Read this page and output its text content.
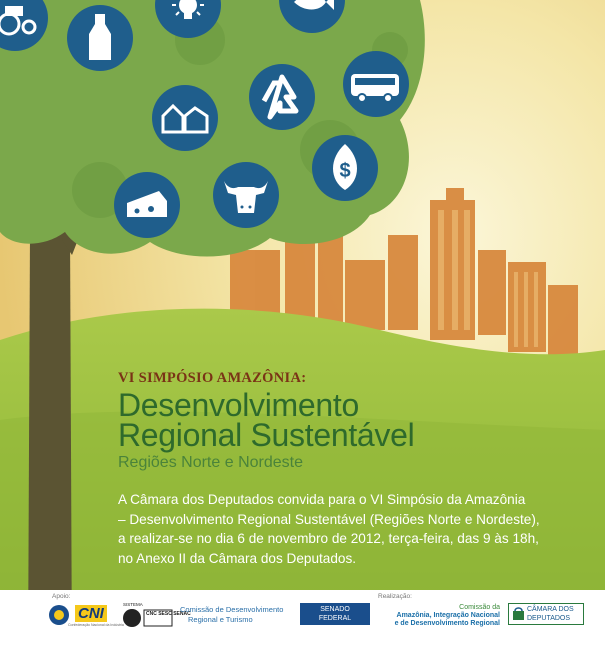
$

VI SIMPÓSIO AMAZÔNIA:

Desenvolvimento

Regional Sustentável

Regiões Norte e Nordeste

A Câmara dos Deputados convida para o VI Simpósio da Amazônia
– Desenvolvimento Regional Sustentável (Regiões Norte e Nordeste),
a realizar-se no dia 6 de novembro de 2012, terça-feira, das 9 às 18h,
no Anexo II da Câmara dos Deputados.
Apoio:	Realização:
CNI
Confederação Nacional da Indústria
SISTEMA
CNC SESC SENAC
Comissão de Desenvolvimento
Regional e Turismo
SENADO
FEDERAL
Comissão da
Amazônia, Integração Nacional
e de Desenvolvimento Regional
CÂMARA DOS
DEPUTADOS
